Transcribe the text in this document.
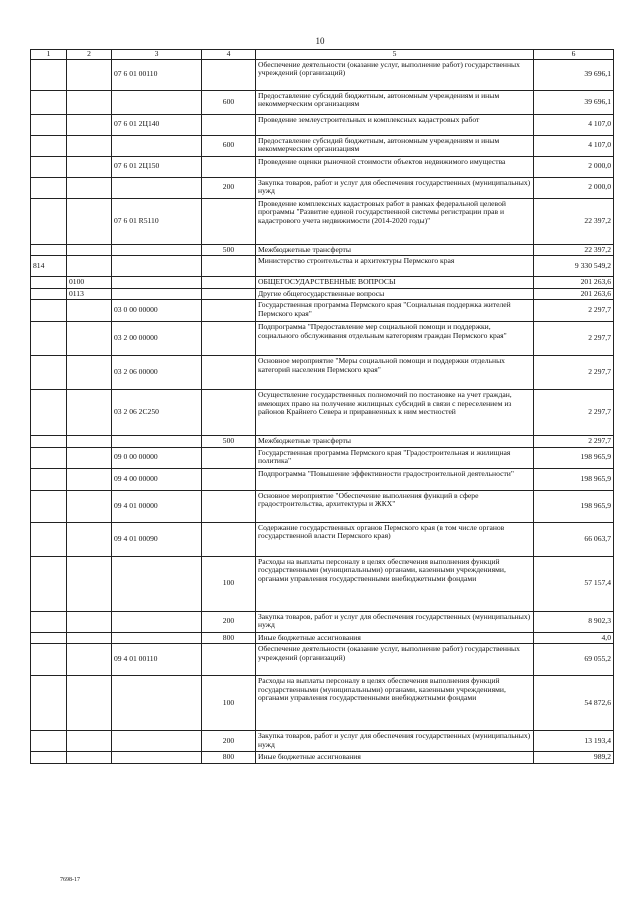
10
1	2	3	4	5	6
		07 6 01 00110		Обеспечение деятельности (оказание услуг, выполнение работ) государственных учреждений (организаций)	39 696,1
			600	Предоставление субсидий бюджетным, автономным учреждениям и иным некоммерческим организациям	39 696,1
		07 6 01 2Ц140		Проведение землеустроительных и комплексных кадастровых работ	4 107,0
			600	Предоставление субсидий бюджетным, автономным учреждениям и иным некоммерческим организациям	4 107,0
		07 6 01 2Ц150		Проведение оценки рыночной стоимости объектов недвижимого имущества	2 000,0
			200	Закупка товаров, работ и услуг для обеспечения государственных (муниципальных) нужд	2 000,0
		07 6 01 R5110		Проведение комплексных кадастровых работ в рамках федеральной целевой программы "Развитие единой государственной системы регистрации прав и кадастрового учета недвижимости (2014-2020 годы)"	22 397,2
			500	Межбюджетные трансферты	22 397,2
814				Министерство строительства и архитектуры Пермского края	9 330 549,2
	0100			ОБЩЕГОСУДАРСТВЕННЫЕ ВОПРОСЫ	201 263,6
	0113			Другие общегосударственные вопросы	201 263,6
		03 0 00 00000		Государственная программа Пермского края "Социальная поддержка жителей Пермского края"	2 297,7
		03 2 00 00000		Подпрограмма "Предоставление мер социальной помощи и поддержки, социального обслуживания отдельным категориям граждан Пермского края"	2 297,7
		03 2 06 00000		Основное мероприятие "Меры социальной помощи и поддержки отдельных категорий населения Пермского края"	2 297,7
		03 2 06 2С250		Осуществление государственных полномочий по постановке на учет граждан, имеющих право на получение жилищных субсидий в связи с переселением из районов Крайнего Севера и приравненных к ним местностей	2 297,7
			500	Межбюджетные трансферты	2 297,7
		09 0 00 00000		Государственная программа Пермского края "Градостроительная и жилищная политика"	198 965,9
		09 4 00 00000		Подпрограмма "Повышение эффективности градостроительной деятельности"	198 965,9
		09 4 01 00000		Основное мероприятие "Обеспечение выполнения функций в сфере градостроительства, архитектуры и ЖКХ"	198 965,9
		09 4 01 00090		Содержание государственных органов Пермского края (в том числе органов государственной власти Пермского края)	66 063,7
			100	Расходы на выплаты персоналу в целях обеспечения выполнения функций государственными (муниципальными) органами, казенными учреждениями, органами управления государственными внебюджетными фондами	57 157,4
			200	Закупка товаров, работ и услуг для обеспечения государственных (муниципальных) нужд	8 902,3
			800	Иные бюджетные ассигнования	4,0
		09 4 01 00110		Обеспечение деятельности (оказание услуг, выполнение работ) государственных учреждений (организаций)	69 055,2
			100	Расходы на выплаты персоналу в целях обеспечения выполнения функций государственными (муниципальными) органами, казенными учреждениями, органами управления государственными внебюджетными фондами	54 872,6
			200	Закупка товаров, работ и услуг для обеспечения государственных (муниципальных) нужд	13 193,4
			800	Иные бюджетные ассигнования	989,2
7698-17
